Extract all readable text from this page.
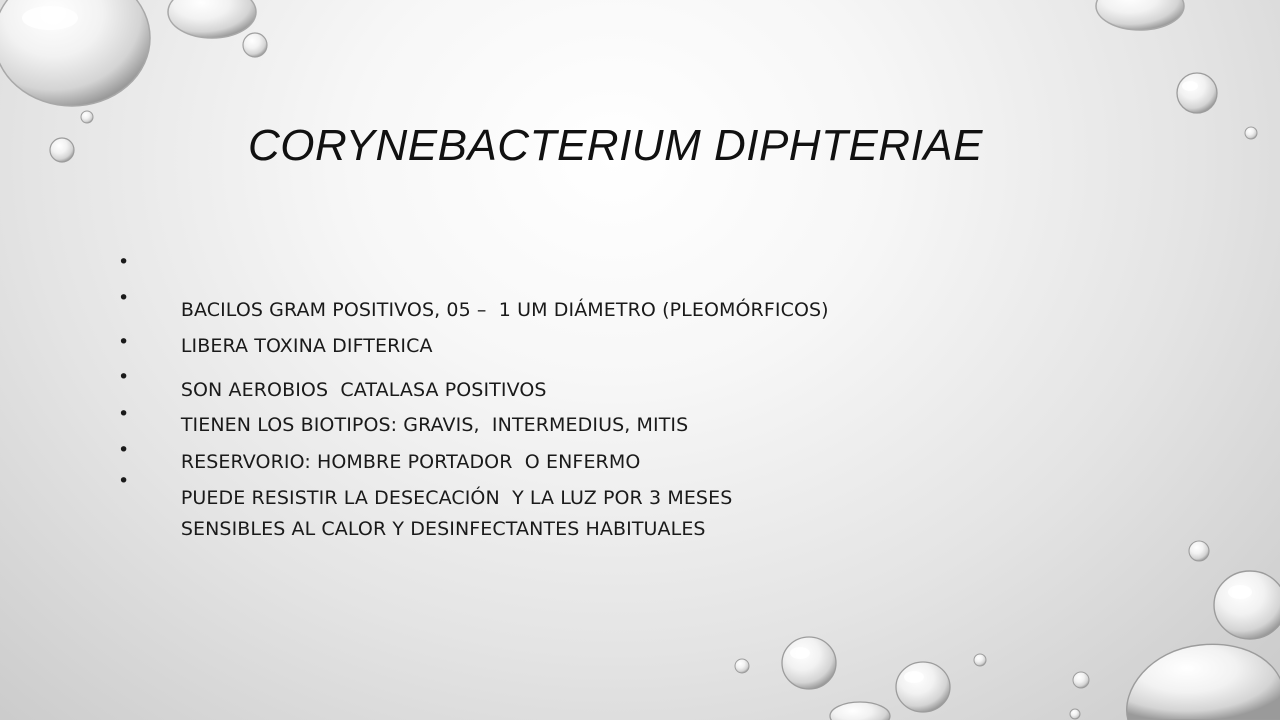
CORYNEBACTERIUM DIPHTERIAE

•

BACILOS GRAM POSITIVOS, 05 –  1 UM DIÁMETRO (PLEOMÓRFICOS)

•

LIBERA TOXINA DIFTERICA

•

SON AEROBIOS  CATALASA POSITIVOS

•

TIENEN LOS BIOTIPOS: GRAVIS,  INTERMEDIUS, MITIS

•

RESERVORIO: HOMBRE PORTADOR  O ENFERMO

•

PUEDE RESISTIR LA DESECACIÓN  Y LA LUZ POR 3 MESES

•

SENSIBLES AL CALOR Y DESINFECTANTES HABITUALES
